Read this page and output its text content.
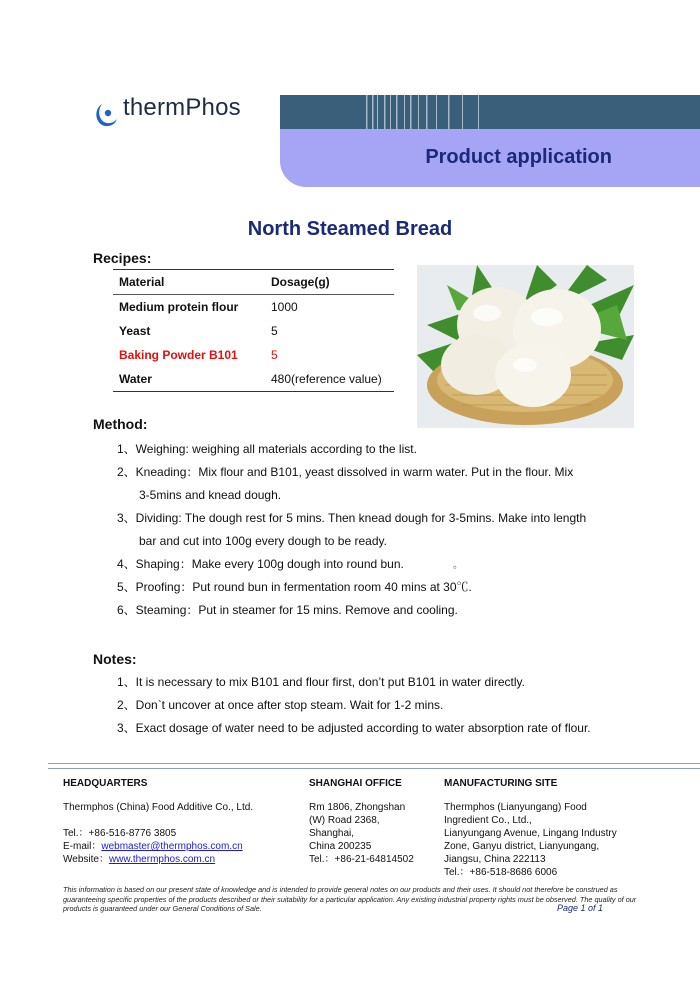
thermPhos
Product application
North Steamed Bread
Recipes:
Material	Dosage(g)
Medium protein flour	1000
Yeast	5
Baking Powder B101	5
Water	480(reference value)
Method:
1、Weighing: weighing all materials according to the list.
2、Kneading：Mix flour and B101, yeast dissolved in warm water. Put in the flour. Mix
3-5mins and knead dough.
3、Dividing: The dough rest for 5 mins. Then knead dough for 3-5mins. Make into length
bar and cut into 100g every dough to be ready.
4、Shaping：Make every 100g dough into round bun.
5、Proofing：Put round bun in fermentation room 40 mins at 30℃.
6、Steaming：Put in steamer for 15 mins. Remove and cooling.
。
Notes:
1、It is necessary to mix B101 and flour first, don’t put B101 in water directly.
2、Don`t uncover at once after stop steam. Wait for 1-2 mins.
3、Exact dosage of water need to be adjusted according to water absorption rate of flour.
HEADQUARTERS
Thermphos (China) Food Additive Co., Ltd.
Tel.：+86-516-8776 3805
E-mail：webmaster@thermphos.com.cn
Website：www.thermphos.com.cn
SHANGHAI OFFICE
Rm 1806, Zhongshan
(W) Road 2368,
Shanghai,
China 200235
Tel.：+86-21-64814502
MANUFACTURING SITE
Thermphos (Lianyungang) Food
Ingredient Co., Ltd.,
Lianyungang Avenue, Lingang Industry
Zone, Ganyu district, Lianyungang,
Jiangsu, China 222113
Tel.：+86-518-8686 6006
This information is based on our present state of knowledge and is intended to provide general notes on our products and their uses. It should not therefore be construed as guaranteeing specific properties of the products described or their suitability for a particular application. Any existing industrial property rights must be observed. The quality of our products is guaranteed under our General Conditions of Sale.	Page 1 of 1
